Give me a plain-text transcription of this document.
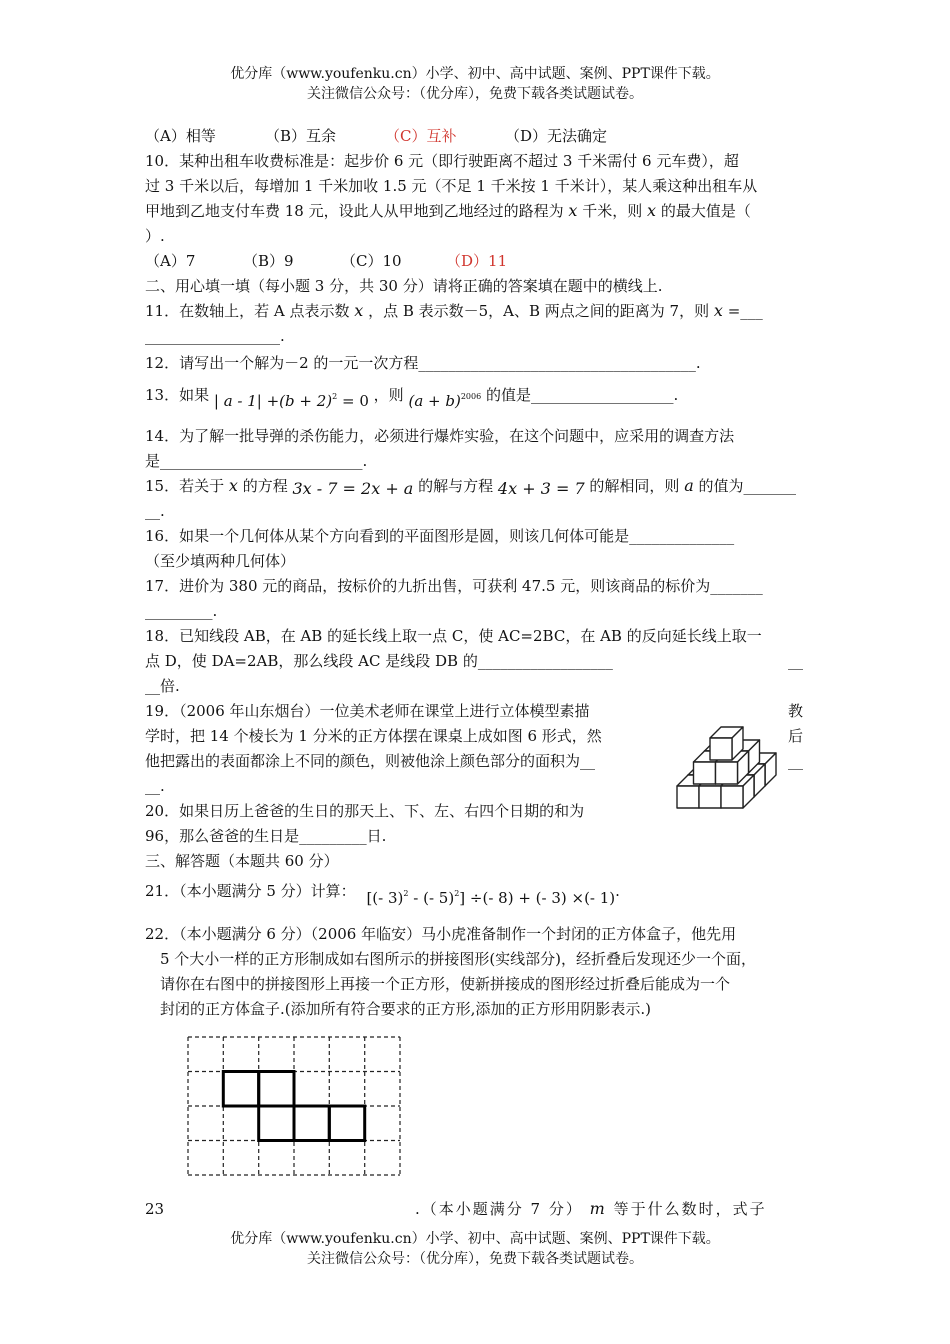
优分库（www.youfenku.cn）小学、初中、高中试题、案例、PPT课件下载。
关注微信公众号：（优分库），免费下载各类试题试卷。
（A）相等	（B）互余	（C）互补	（D）无法确定
10．某种出租车收费标准是：起步价 6 元（即行驶距离不超过 3 千米需付 6 元车费），超
过 3 千米以后，每增加 1 千米加收 1.5 元（不足 1 千米按 1 千米计），某人乘这种出租车从
甲地到乙地支付车费 18 元，设此人从甲地到乙地经过的路程为 x 千米，则 x 的最大值是（
）.
（A）7	（B）9	（C）10	（D）11
二、用心填一填（每小题 3 分，共 30 分）请将正确的答案填在题中的横线上.
11．在数轴上，若 A 点表示数 x ，点 B 表示数－5，A、B 两点之间的距离为 7，则 x =___
__________________.
12．请写出一个解为－2 的一元一次方程_____________________________________.
13．如果 | $a - 1| +(b + 2)^2 = 0$ ，则 $(a + b)^{2006}$ 的值是___________________.
14．为了解一批导弹的杀伤能力，必须进行爆炸实验，在这个问题中，应采用的调查方法
是___________________________.
15．若关于 x 的方程 3x - 7 = 2x + a 的解与方程 4x + 3 = 7 的解相同，则 a 的值为_______
__.
16．如果一个几何体从某个方向看到的平面图形是圆，则该几何体可能是______________
（至少填两种几何体）
17．进价为 380 元的商品，按标价的九折出售，可获利 47.5 元，则该商品的标价为_______
_________.
18．已知线段 AB，在 AB 的延长线上取一点 C，使 AC=2BC，在 AB 的反向延长线上取一
点 D，使 DA=2AB，那么线段 AC 是线段 DB 的__________________	__
__倍.
19．（2006 年山东烟台）一位美术老师在课堂上进行立体模型素描	教
学时，把 14 个棱长为 1 分米的正方体摆在课桌上成如图 6 形式，然	后
他把露出的表面都涂上不同的颜色，则被他涂上颜色部分的面积为__	__
__.
20．如果日历上爸爸的生日的那天上、下、左、右四个日期的和为
96，那么爸爸的生日是_________日.
三、解答题（本题共 60 分）
21．（本小题满分 5 分）计算： [(- 3)$^2$ - (- 5)$^2$] ÷(- 8) + (- 3) ×(- 1).
22．（本小题满分 6 分）（2006 年临安）马小虎准备制作一个封闭的正方体盒子，他先用
5 个大小一样的正方形制成如右图所示的拼接图形(实线部分)，经折叠后发现还少一个面，
请你在右图中的拼接图形上再接一个正方形，使新拼接成的图形经过折叠后能成为一个
封闭的正方体盒子.(添加所有符合要求的正方形,添加的正方形用阴影表示.)
23	.（本小题满分 7 分） m 等于什么数时，式子
优分库（www.youfenku.cn）小学、初中、高中试题、案例、PPT课件下载。
关注微信公众号：（优分库），免费下载各类试题试卷。
